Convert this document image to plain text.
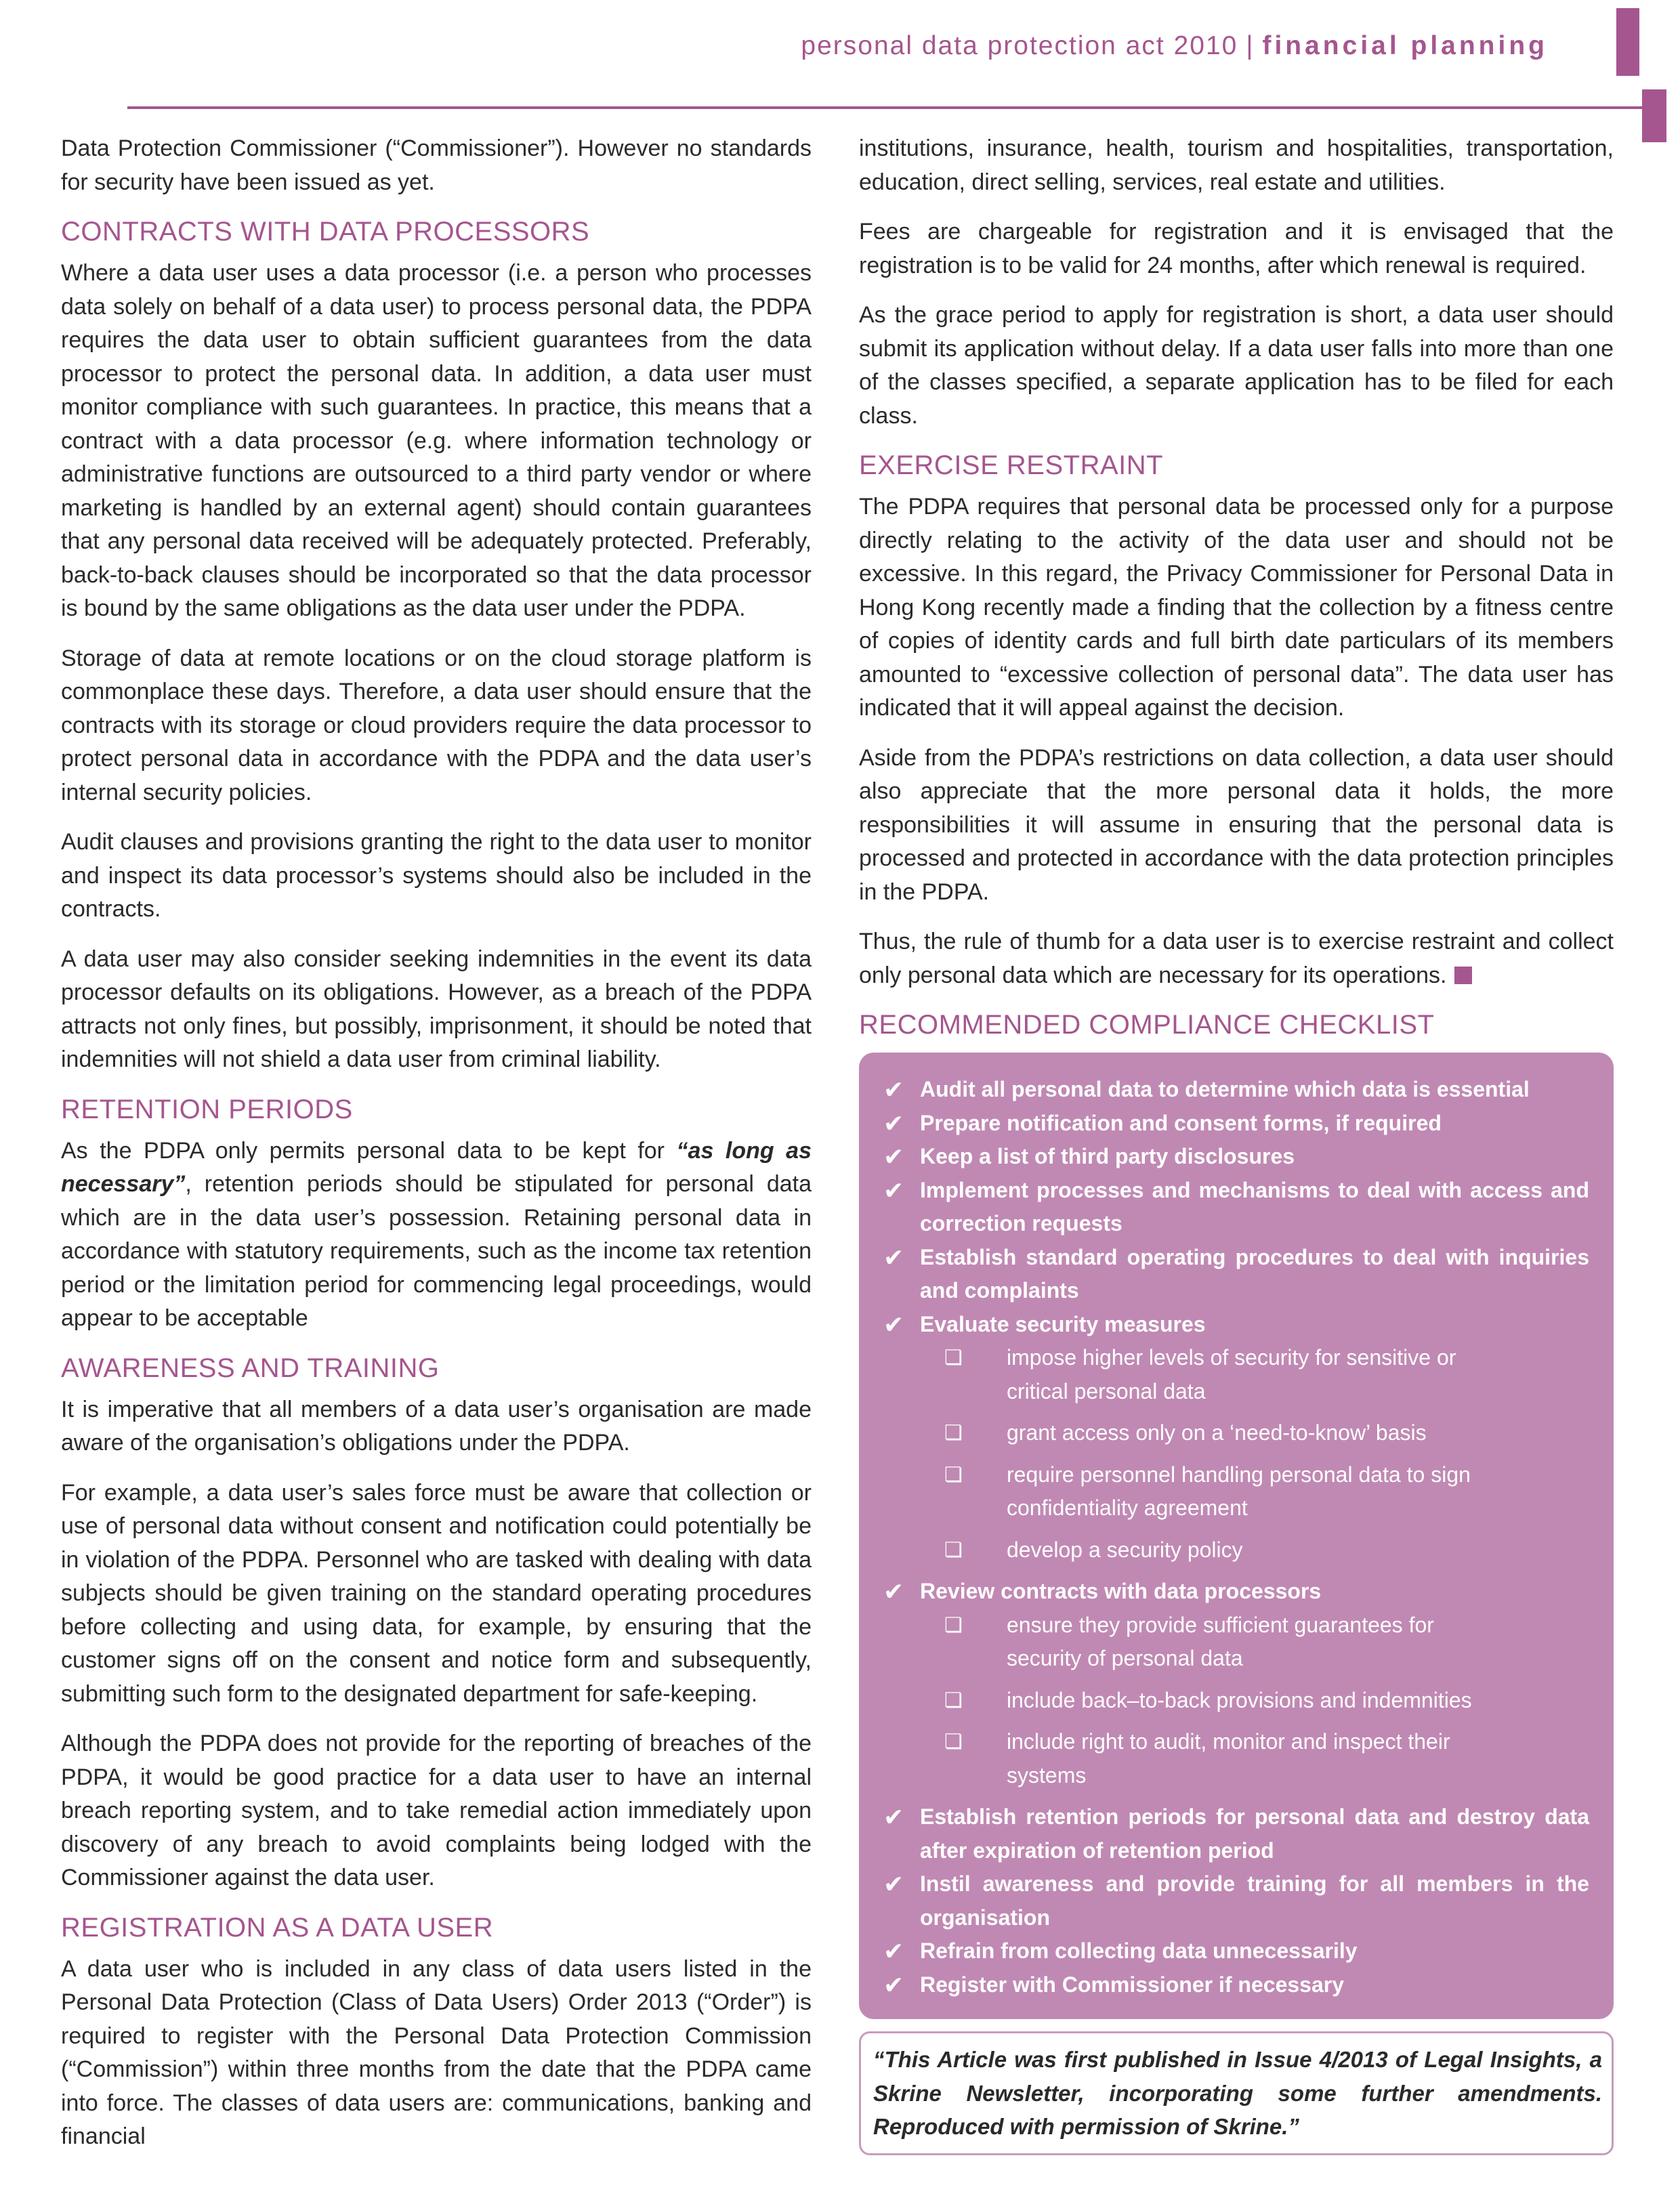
personal data protection act 2010 | financial planning

Data Protection Commissioner (“Commissioner”). However no standards for security have been issued as yet.

CONTRACTS WITH DATA PROCESSORS

Where a data user uses a data processor (i.e. a person who processes data solely on behalf of a data user) to process personal data, the PDPA requires the data user to obtain sufficient guarantees from the data processor to protect the personal data. In addition, a data user must monitor compliance with such guarantees. In practice, this means that a contract with a data processor (e.g. where information technology or administrative functions are outsourced to a third party vendor or where marketing is handled by an external agent) should contain guarantees that any personal data received will be adequately protected. Preferably, back-to-back clauses should be incorporated so that the data processor is bound by the same obligations as the data user under the PDPA.

Storage of data at remote locations or on the cloud storage platform is commonplace these days. Therefore, a data user should ensure that the contracts with its storage or cloud providers require the data processor to protect personal data in accordance with the PDPA and the data user’s internal security policies.

Audit clauses and provisions granting the right to the data user to monitor and inspect its data processor’s systems should also be included in the contracts.

A data user may also consider seeking indemnities in the event its data processor defaults on its obligations. However, as a breach of the PDPA attracts not only fines, but possibly, imprisonment, it should be noted that indemnities will not shield a data user from criminal liability.

RETENTION PERIODS

As the PDPA only permits personal data to be kept for “as long as necessary”, retention periods should be stipulated for personal data which are in the data user’s possession. Retaining personal data in accordance with statutory requirements, such as the income tax retention period or the limitation period for commencing legal proceedings, would appear to be acceptable

AWARENESS AND TRAINING

It is imperative that all members of a data user’s organisation are made aware of the organisation’s obligations under the PDPA.

For example, a data user’s sales force must be aware that collection or use of personal data without consent and notification could potentially be in violation of the PDPA. Personnel who are tasked with dealing with data subjects should be given training on the standard operating procedures before collecting and using data, for example, by ensuring that the customer signs off on the consent and notice form and subsequently, submitting such form to the designated department for safe-keeping.

Although the PDPA does not provide for the reporting of breaches of the PDPA, it would be good practice for a data user to have an internal breach reporting system, and to take remedial action immediately upon discovery of any breach to avoid complaints being lodged with the Commissioner against the data user.

REGISTRATION AS A DATA USER

A data user who is included in any class of data users listed in the Personal Data Protection (Class of Data Users) Order 2013 (“Order”) is required to register with the Personal Data Protection Commission (“Commission”) within three months from the date that the PDPA came into force. The classes of data users are: communications, banking and financial

institutions, insurance, health, tourism and hospitalities, transportation, education, direct selling, services, real estate and utilities.

Fees are chargeable for registration and it is envisaged that the registration is to be valid for 24 months, after which renewal is required.

As the grace period to apply for registration is short, a data user should submit its application without delay. If a data user falls into more than one of the classes specified, a separate application has to be filed for each class.

EXERCISE RESTRAINT

The PDPA requires that personal data be processed only for a purpose directly relating to the activity of the data user and should not be excessive. In this regard, the Privacy Commissioner for Personal Data in Hong Kong recently made a finding that the collection by a fitness centre of copies of identity cards and full birth date particulars of its members amounted to “excessive collection of personal data”. The data user has indicated that it will appeal against the decision.

Aside from the PDPA’s restrictions on data collection, a data user should also appreciate that the more personal data it holds, the more responsibilities it will assume in ensuring that the personal data is processed and protected in accordance with the data protection principles in the PDPA.

Thus, the rule of thumb for a data user is to exercise restraint and collect only personal data which are necessary for its operations.

RECOMMENDED COMPLIANCE CHECKLIST
✔ Audit all personal data to determine which data is essential
✔ Prepare notification and consent forms, if required
✔ Keep a list of third party disclosures
✔ Implement processes and mechanisms to deal with access and correction requests
✔ Establish standard operating procedures to deal with inquiries and complaints
✔ Evaluate security measures
❏	impose higher levels of security for sensitive or critical personal data
❏	grant access only on a ‘need-to-know’ basis
❏	require personnel handling personal data to sign confidentiality agreement
❏	develop a security policy
✔ Review contracts with data processors
❏	ensure they provide sufficient guarantees for security of personal data
❏	include back–to-back provisions and indemnities
❏	include right to audit, monitor and inspect their systems
✔ Establish retention periods for personal data and destroy data after expiration of retention period
✔ Instil awareness and provide training for all members in the organisation
✔ Refrain from collecting data unnecessarily
✔ Register with Commissioner if necessary
“This Article was first published in Issue 4/2013 of Legal Insights, a Skrine Newsletter, incorporating some further amendments. Reproduced with permission of Skrine.”
